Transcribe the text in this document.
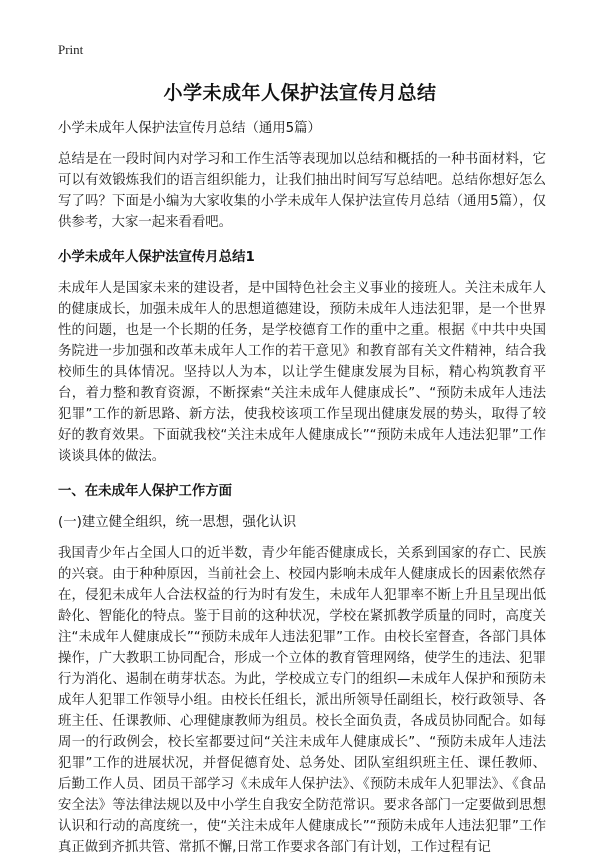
Print
小学未成年人保护法宣传月总结

小学未成年人保护法宣传月总结（通用5篇）

总结是在一段时间内对学习和工作生活等表现加以总结和概括的一种书面材料，它可以有效锻炼我们的语言组织能力，让我们抽出时间写写总结吧。总结你想好怎么写了吗？下面是小编为大家收集的小学未成年人保护法宣传月总结（通用5篇），仅供参考，大家一起来看看吧。

小学未成年人保护法宣传月总结1

未成年人是国家未来的建设者，是中国特色社会主义事业的接班人。关注未成年人的健康成长，加强未成年人的思想道德建设，预防未成年人违法犯罪，是一个世界性的问题，也是一个长期的任务，是学校德育工作的重中之重。根据《中共中央国务院进一步加强和改革未成年人工作的若干意见》和教育部有关文件精神，结合我校师生的具体情况。坚持以人为本，以让学生健康发展为目标，精心构筑教育平台，着力整和教育资源，不断探索“关注未成年人健康成长”、“预防未成年人违法犯罪”工作的新思路、新方法，使我校该项工作呈现出健康发展的势头，取得了较好的教育效果。下面就我校“关注未成年人健康成长”“预防未成年人违法犯罪”工作谈谈具体的做法。

一、在未成年人保护工作方面

(一)建立健全组织，统一思想，强化认识

我国青少年占全国人口的近半数，青少年能否健康成长，关系到国家的存亡、民族的兴衰。由于种种原因，当前社会上、校园内影响未成年人健康成长的因素依然存在，侵犯未成年人合法权益的行为时有发生，未成年人犯罪率不断上升且呈现出低龄化、智能化的特点。鉴于目前的这种状况，学校在紧抓教学质量的同时，高度关注“未成年人健康成长”“预防未成年人违法犯罪”工作。由校长室督查，各部门具体操作，广大教职工协同配合，形成一个立体的教育管理网络，使学生的违法、犯罪行为消化、遏制在萌芽状态。为此，学校成立专门的组织—未成年人保护和预防未成年人犯罪工作领导小组。由校长任组长，派出所领导任副组长，校行政领导、各班主任、任课教师、心理健康教师为组员。校长全面负责，各成员协同配合。如每周一的行政例会，校长室都要过问“关注未成年人健康成长”、“预防未成年人违法犯罪”工作的进展状况，并督促德育处、总务处、团队室组织班主任、课任教师、后勤工作人员、团员干部学习《未成年人保护法》、《预防未成年人犯罪法》、《食品安全法》等法律法规以及中小学生自我安全防范常识。要求各部门一定要做到思想认识和行动的高度统一，使“关注未成年人健康成长”“预防未成年人违法犯罪”工作真正做到齐抓共管、常抓不懈,日常工作要求各部门有计划，工作过程有记
